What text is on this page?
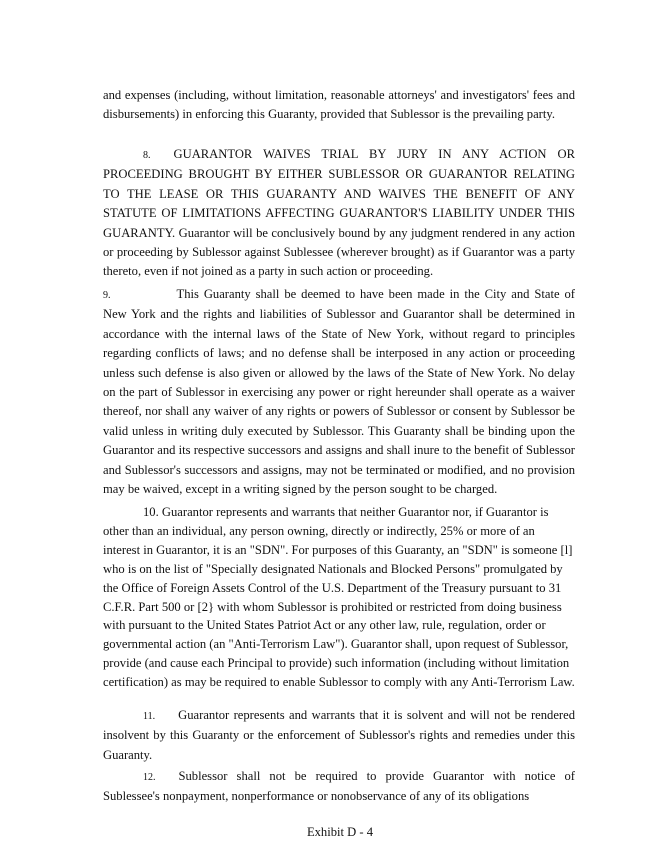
and expenses (including, without limitation, reasonable attorneys' and investigators' fees and disbursements) in enforcing this Guaranty, provided that Sublessor is the prevailing party.

8. GUARANTOR WAIVES TRIAL BY JURY IN ANY ACTION OR PROCEEDING BROUGHT BY EITHER SUBLESSOR OR GUARANTOR RELATING TO THE LEASE OR THIS GUARANTY AND WAIVES THE BENEFIT OF ANY STATUTE OF LIMITATIONS AFFECTING GUARANTOR'S LIABILITY UNDER THIS GUARANTY. Guarantor will be conclusively bound by any judgment rendered in any action or proceeding by Sublessor against Sublessee (wherever brought) as if Guarantor was a party thereto, even if not joined as a party in such action or proceeding.

9.	This Guaranty shall be deemed to have been made in the City and State of New York and the rights and liabilities of Sublessor and Guarantor shall be determined in accordance with the internal laws of the State of New York, without regard to principles regarding conflicts of laws; and no defense shall be interposed in any action or proceeding unless such defense is also given or allowed by the laws of the State of New York. No delay on the part of Sublessor in exercising any power or right hereunder shall operate as a waiver thereof, nor shall any waiver of any rights or powers of Sublessor or consent by Sublessor be valid unless in writing duly executed by Sublessor. This Guaranty shall be binding upon the Guarantor and its respective successors and assigns and shall inure to the benefit of Sublessor and Sublessor's successors and assigns, may not be terminated or modified, and no provision may be waived, except in a writing signed by the person sought to be charged.

10. Guarantor represents and warrants that neither Guarantor nor, if Guarantor is other than an individual, any person owning, directly or indirectly, 25% or more of an interest in Guarantor, it is an "SDN". For purposes of this Guaranty, an "SDN" is someone [l] who is on the list of "Specially designated Nationals and Blocked Persons" promulgated by the Office of Foreign Assets Control of the U.S. Department of the Treasury pursuant to 31 C.F.R. Part 500 or [2} with whom Sublessor is prohibited or restricted from doing business with pursuant to the United States Patriot Act or any other law, rule, regulation, order or governmental action (an "Anti-Terrorism Law"). Guarantor shall, upon request of Sublessor, provide (and cause each Principal to provide) such information (including without limitation certification) as may be required to enable Sublessor to comply with any Anti-Terrorism Law.

11. Guarantor represents and warrants that it is solvent and will not be rendered insolvent by this Guaranty or the enforcement of Sublessor's rights and remedies under this Guaranty.

12. Sublessor shall not be required to provide Guarantor with notice of Sublessee's nonpayment, nonperformance or nonobservance of any of its obligations

Exhibit D - 4
